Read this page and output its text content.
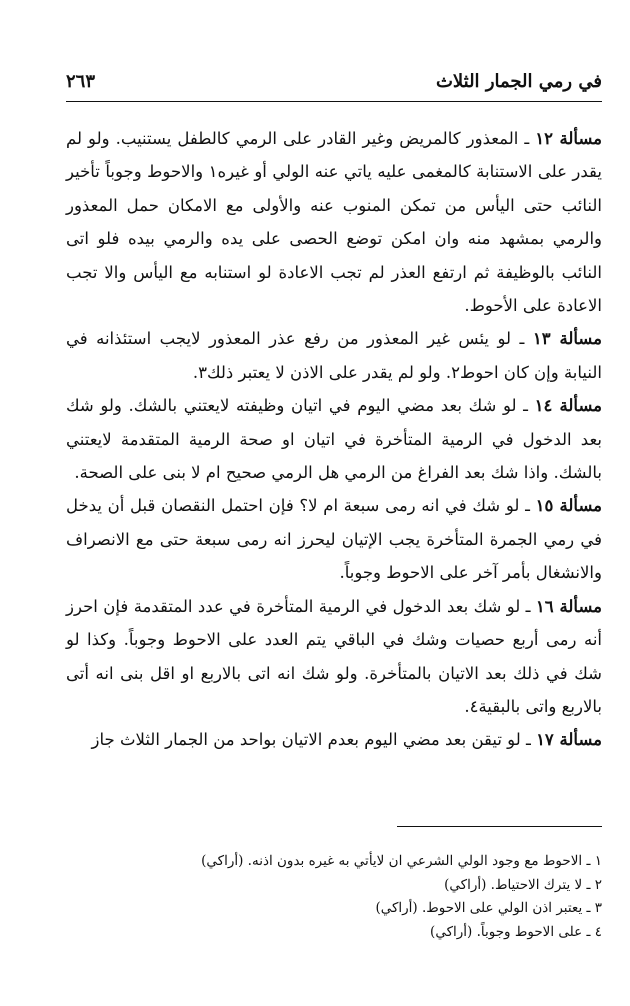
في رمي الجمار الثلاث
٢٦٣

مسألة ١٢ ـ المعذور كالمريض وغير القادر على الرمي كالطفل يستنيب. ولو لم يقدر على الاستنابة كالمغمى عليه ياتي عنه الولي أو غيره١ والاحوط وجوباً تأخير النائب حتى اليأس من تمكن المنوب عنه والأولى مع الامكان حمل المعذور والرمي بمشهد منه وان امكن توضع الحصى على يده والرمي بيده فلو اتى النائب بالوظيفة ثم ارتفع العذر لم تجب الاعادة لو استنابه مع اليأس والا تجب الاعادة على الأحوط.

مسألة ١٣ ـ لو يئس غير المعذور من رفع عذر المعذور لايجب استئذانه في النيابة وإن كان احوط٢. ولو لم يقدر على الاذن لا يعتبر ذلك٣.

مسألة ١٤ ـ لو شك بعد مضي اليوم في اتيان وظيفته لايعتني بالشك. ولو شك بعد الدخول في الرمية المتأخرة في اتيان او صحة الرمية المتقدمة لايعتني بالشك. واذا شك بعد الفراغ من الرمي هل الرمي صحيح ام لا بنى على الصحة.

مسألة ١٥ ـ لو شك في انه رمى سبعة ام لا؟ فإن احتمل النقصان قبل أن يدخل في رمي الجمرة المتأخرة يجب الإتيان ليحرز انه رمى سبعة حتى مع الانصراف والانشغال بأمر آخر على الاحوط وجوباً.

مسألة ١٦ ـ لو شك بعد الدخول في الرمية المتأخرة في عدد المتقدمة فإن احرز أنه رمى أربع حصيات وشك في الباقي يتم العدد على الاحوط وجوباً. وكذا لو شك في ذلك بعد الاتيان بالمتأخرة. ولو شك انه اتى بالاربع او اقل بنى انه أتى بالاربع واتى بالبقية٤.

مسألة ١٧ ـ لو تيقن بعد مضي اليوم بعدم الاتيان بواحد من الجمار الثلاث جاز

١ ـ الاحوط مع وجود الولي الشرعي ان لايأتي به غيره بدون اذنه. (أراكي)
٢ ـ لا يترك الاحتياط. (أراكي)
٣ ـ يعتبر اذن الولي على الاحوط. (أراكي)
٤ ـ على الاحوط وجوباً. (أراكي)
